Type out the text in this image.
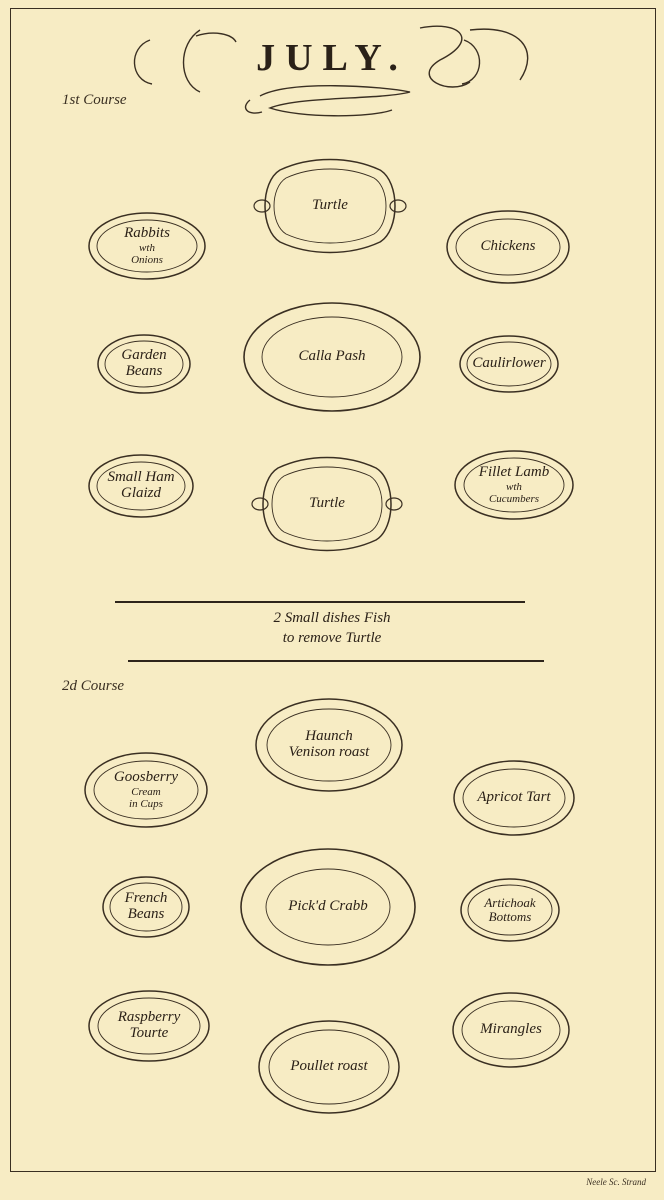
JULY.
1st Course
Turtle
Rabbits
wth
Onions
Chickens
Calla Pash
Garden
Beans	Caulirlower
Turtle
Small Ham
Glaizd
Fillet Lamb
wth
Cucumbers
2 Small dishes Fish
to remove Turtle
2d Course
Haunch
Venison roast
Goosberry
Cream
in Cups	Apricot Tart
Pick'd Crabb
French
Beans
Artichoak
Bottoms
Raspberry
Tourte	Mirangles
Poullet roast
Neele Sc. Strand
